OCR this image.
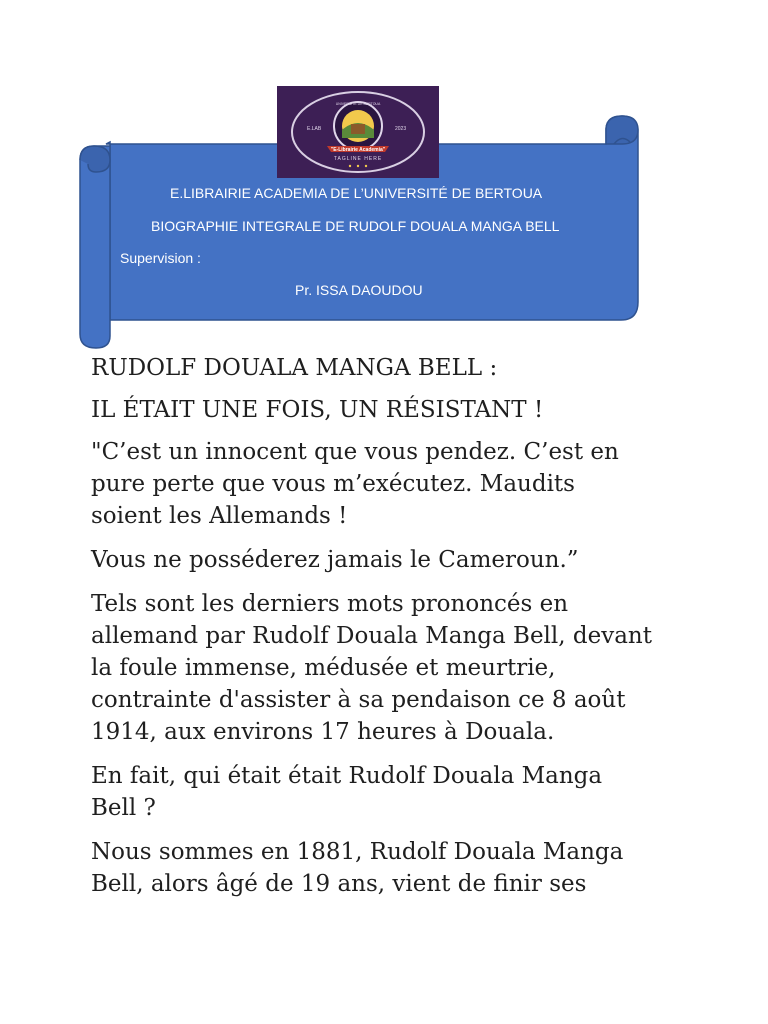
E.LIBRAIRIE ACADEMIA DE L’UNIVERSITÉ DE BERTOUA
BIOGRAPHIE INTEGRALE DE RUDOLF DOUALA MANGA BELL
Supervision :
Pr. ISSA DAOUDOU
"E-Librairie Academia"
E.LAB	2023
TAGLINE HERE
UNIVERSITÉ DE BERTOUA

RUDOLF DOUALA MANGA BELL :

IL ÉTAIT UNE FOIS, UN RÉSISTANT !

"C’est un innocent que vous pendez. C’est en
pure perte que vous m’exécutez. Maudits
soient les Allemands !

Vous ne posséderez jamais le Cameroun.”

Tels sont les derniers mots prononcés en
allemand par Rudolf Douala Manga Bell, devant
la foule immense, médusée et meurtrie,
contrainte d'assister à sa pendaison ce 8 août
1914, aux environs 17 heures à Douala.

En fait, qui était était Rudolf Douala Manga
Bell ?

Nous sommes en 1881, Rudolf Douala Manga
Bell, alors âgé de 19 ans, vient de finir ses
